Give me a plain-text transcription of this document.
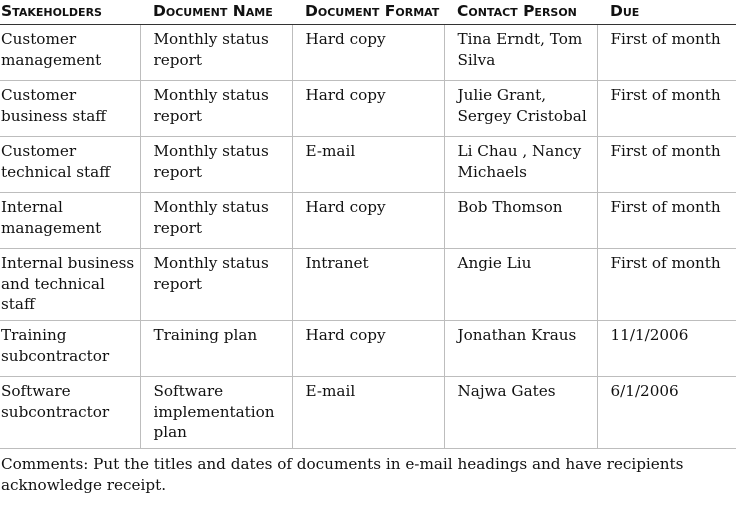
Stakeholders	Document Name	Document Format	Contact Person	Due
Customer management	Monthly status report	Hard copy	Tina Erndt, Tom Silva	First of month
Customer business staff	Monthly status report	Hard copy	Julie Grant, Sergey Cristobal	First of month
Customer technical staff	Monthly status report	E-mail	Li Chau , Nancy Michaels	First of month
Internal management	Monthly status report	Hard copy	Bob Thomson	First of month
Internal business and technical staff	Monthly status report	Intranet	Angie Liu	First of month
Training subcontractor	Training plan	Hard copy	Jonathan Kraus	11/1/2006
Software subcontractor	Software implementation plan	E-mail	Najwa Gates	6/1/2006
Comments: Put the titles and dates of documents in e-mail headings and have recipients acknowledge receipt.
